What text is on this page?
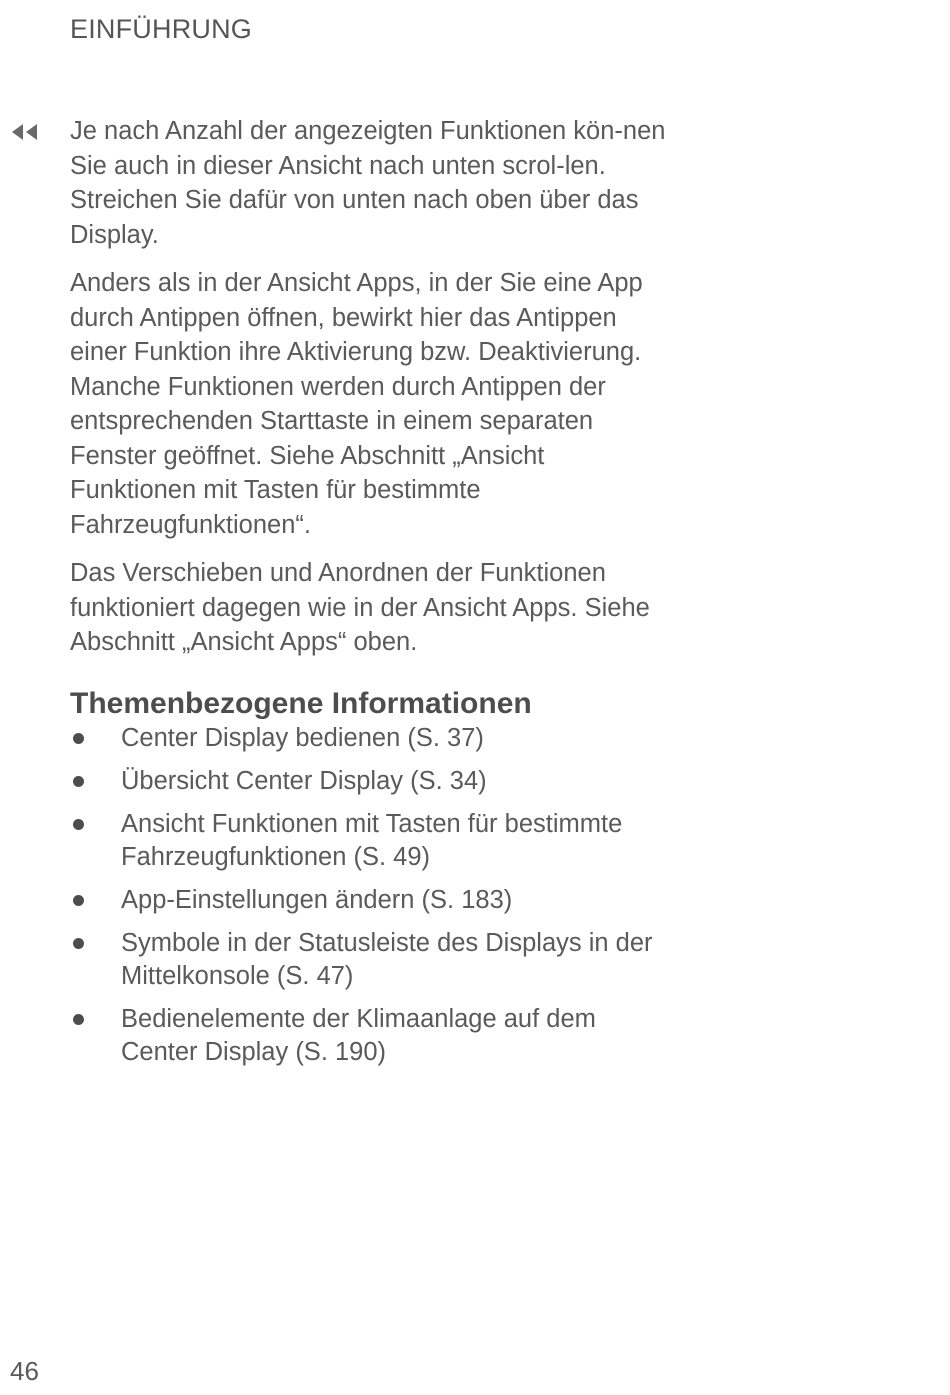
EINFÜHRUNG

Je nach Anzahl der angezeigten Funktionen kön-nen Sie auch in dieser Ansicht nach unten scrol-len. Streichen Sie dafür von unten nach oben über das Display.

Anders als in der Ansicht Apps, in der Sie eine App durch Antippen öffnen, bewirkt hier das Antippen einer Funktion ihre Aktivierung bzw. Deaktivierung. Manche Funktionen werden durch Antippen der entsprechenden Starttaste in einem separaten Fenster geöffnet. Siehe Abschnitt „Ansicht Funktionen mit Tasten für bestimmte Fahrzeugfunktionen“.

Das Verschieben und Anordnen der Funktionen funktioniert dagegen wie in der Ansicht Apps. Siehe Abschnitt „Ansicht Apps“ oben.

Themenbezogene Informationen
Center Display bedienen (S. 37)
Übersicht Center Display (S. 34)
Ansicht Funktionen mit Tasten für bestimmte Fahrzeugfunktionen (S. 49)
App-Einstellungen ändern (S. 183)
Symbole in der Statusleiste des Displays in der Mittelkonsole (S. 47)
Bedienelemente der Klimaanlage auf dem Center Display (S. 190)
46
